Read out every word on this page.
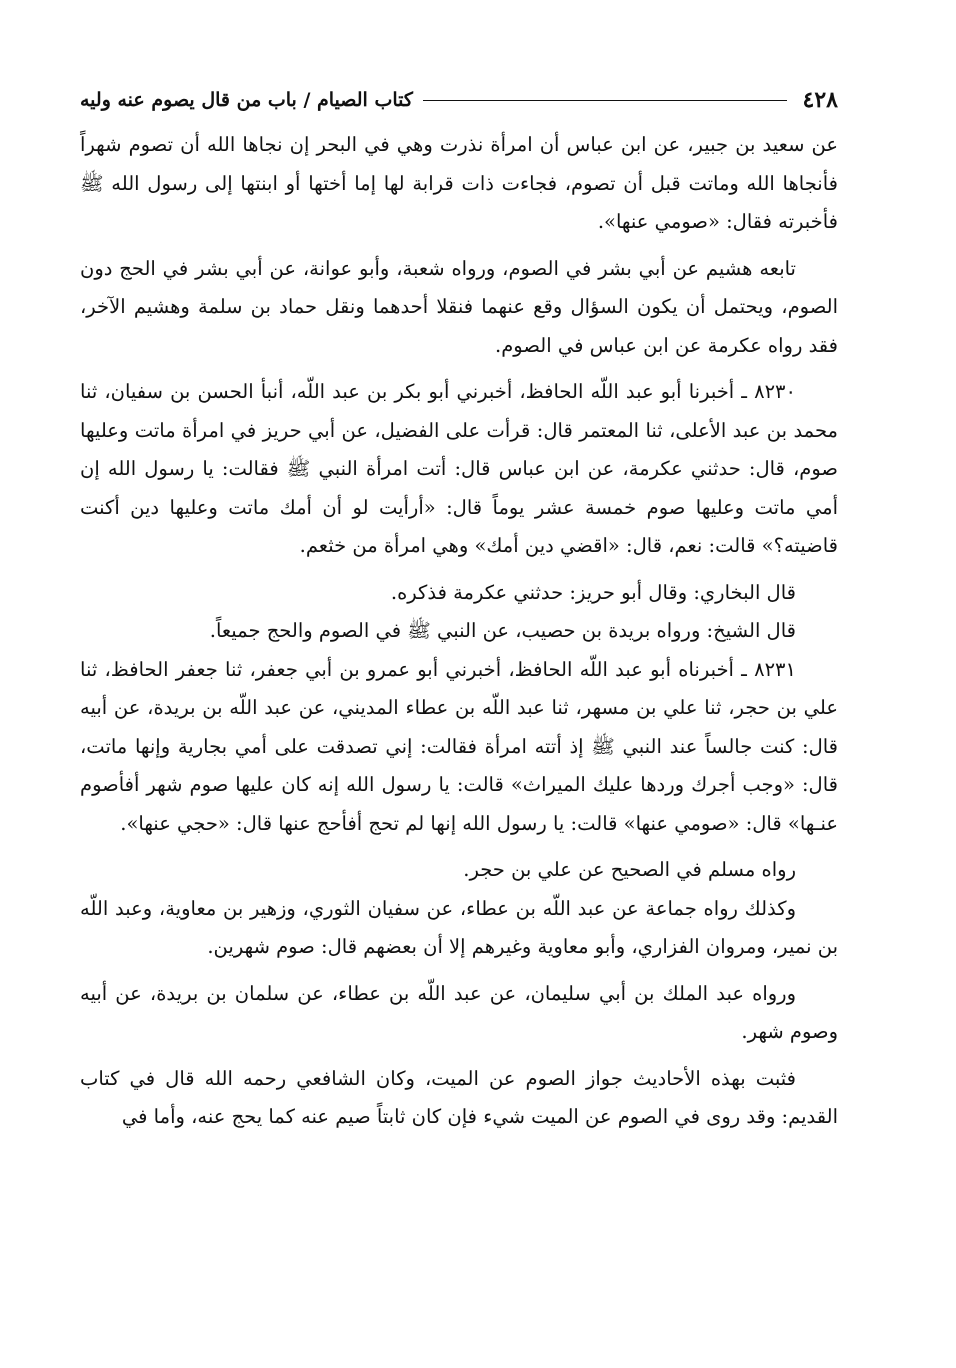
٤٢٨
كتاب الصيام / باب من قال يصوم عنه وليه

عن سعيد بن جبير، عن ابن عباس أن امرأة نذرت وهي في البحر إن نجاها الله أن تصوم شهراً فأنجاها الله وماتت قبل أن تصوم، فجاءت ذات قرابة لها إما أختها أو ابنتها إلى رسول الله ﷺ فأخبرته فقال: «صومي عنها».

تابعه هشيم عن أبي بشر في الصوم، ورواه شعبة، وأبو عوانة، عن أبي بشر في الحج دون الصوم، ويحتمل أن يكون السؤال وقع عنهما فنقلا أحدهما ونقل حماد بن سلمة وهشيم الآخر، فقد رواه عكرمة عن ابن عباس في الصوم.

٨٢٣٠ ـ أخبرنا أبو عبد اللّه الحافظ، أخبرني أبو بكر بن عبد اللّه، أنبأ الحسن بن سفيان، ثنا محمد بن عبد الأعلى، ثنا المعتمر قال: قرأت على الفضيل، عن أبي حريز في امرأة ماتت وعليها صوم، قال: حدثني عكرمة، عن ابن عباس قال: أتت امرأة النبي ﷺ فقالت: يا رسول الله إن أمي ماتت وعليها صوم خمسة عشر يوماً قال: «أرأيت لو أن أمك ماتت وعليها دين أكنت قاضيته؟» قالت: نعم، قال: «اقضي دين أمك» وهي امرأة من خثعم.

قال البخاري: وقال أبو حريز: حدثني عكرمة فذكره.

قال الشيخ: ورواه بريدة بن حصيب، عن النبي ﷺ في الصوم والحج جميعاً.

٨٢٣١ ـ أخبرناه أبو عبد اللّه الحافظ، أخبرني أبو عمرو بن أبي جعفر، ثنا جعفر الحافظ، ثنا علي بن حجر، ثنا علي بن مسهر، ثنا عبد اللّه بن عطاء المديني، عن عبد اللّه بن بريدة، عن أبيه قال: كنت جالساً عند النبي ﷺ إذ أتته امرأة فقالت: إني تصدقت على أمي بجارية وإنها ماتت، قال: «وجب أجرك وردها عليك الميراث» قالت: يا رسول الله إنه كان عليها صوم شهر أفأصوم عنـها» قال: «صومي عنها» قالت: يا رسول الله إنها لم تحج أفأحج عنها قال: «حجي عنها».

رواه مسلم في الصحيح عن علي بن حجر.

وكذلك رواه جماعة عن عبد اللّه بن عطاء، عن سفيان الثوري، وزهير بن معاوية، وعبد اللّه بن نمير، ومروان الفزاري، وأبو معاوية وغيرهم إلا أن بعضهم قال: صوم شهرين.

ورواه عبد الملك بن أبي سليمان، عن عبد اللّه بن عطاء، عن سلمان بن بريدة، عن أبيه وصوم شهر.

فثبت بهذه الأحاديث جواز الصوم عن الميت، وكان الشافعي رحمه الله قال في كتاب القديم: وقد روى في الصوم عن الميت شيء فإن كان ثابتاً صيم عنه كما يحج عنه، وأما في
